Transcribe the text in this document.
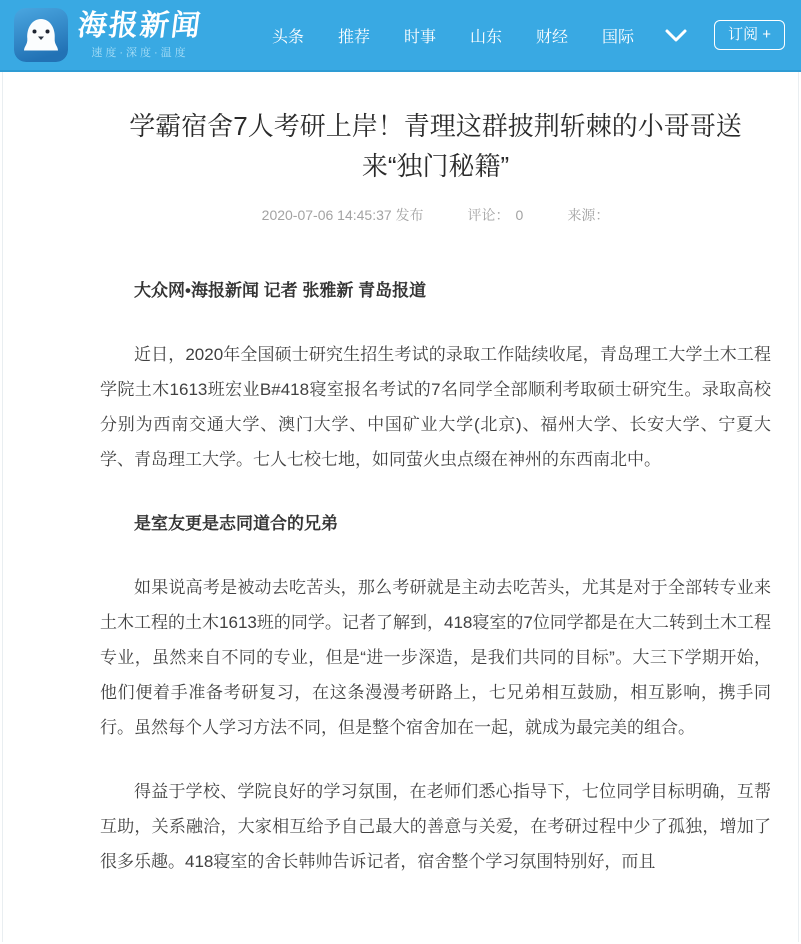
海报新闻
速度·深度·温度
头条 推荐 时事 山东 财经 国际	订阅 +
学霸宿舍7人考研上岸！青理这群披荆斩棘的小哥哥送来“独门秘籍”
2020-07-06 14:45:37 发布	评论： 0	来源：

大众网•海报新闻 记者 张雅新 青岛报道

近日，2020年全国硕士研究生招生考试的录取工作陆续收尾，青岛理工大学土木工程学院土木1613班宏业B#418寝室报名考试的7名同学全部顺利考取硕士研究生。录取高校分别为西南交通大学、澳门大学、中国矿业大学(北京)、福州大学、长安大学、宁夏大学、青岛理工大学。七人七校七地，如同萤火虫点缀在神州的东西南北中。

是室友更是志同道合的兄弟

如果说高考是被动去吃苦头，那么考研就是主动去吃苦头，尤其是对于全部转专业来土木工程的土木1613班的同学。记者了解到，418寝室的7位同学都是在大二转到土木工程专业，虽然来自不同的专业，但是“进一步深造，是我们共同的目标”。大三下学期开始，他们便着手准备考研复习，在这条漫漫考研路上，七兄弟相互鼓励，相互影响，携手同行。虽然每个人学习方法不同，但是整个宿舍加在一起，就成为最完美的组合。

得益于学校、学院良好的学习氛围，在老师们悉心指导下，七位同学目标明确，互帮互助，关系融洽，大家相互给予自己最大的善意与关爱，在考研过程中少了孤独，增加了很多乐趣。418寝室的舍长韩帅告诉记者，宿舍整个学习氛围特别好，而且
